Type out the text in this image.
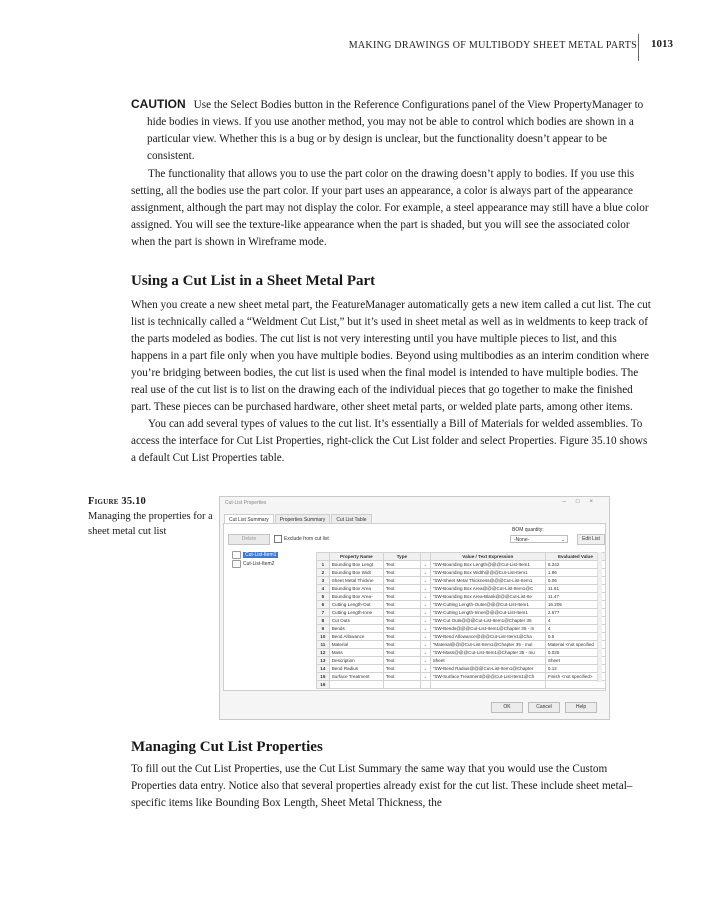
MAKING DRAWINGS OF MULTIBODY SHEET METAL PARTS 1013

CAUTION Use the Select Bodies button in the Reference Configurations panel of the View PropertyManager to hide bodies in views. If you use another method, you may not be able to control which bodies are shown in a particular view. Whether this is a bug or by design is unclear, but the functionality doesn’t appear to be consistent.

The functionality that allows you to use the part color on the drawing doesn’t apply to bodies. If you use this setting, all the bodies use the part color. If your part uses an appearance, a color is always part of the appearance assignment, although the part may not display the color. For example, a steel appearance may still have a blue color assigned. You will see the texture-like appearance when the part is shaded, but you will see the associated color when the part is shown in Wireframe mode.

Using a Cut List in a Sheet Metal Part

When you create a new sheet metal part, the FeatureManager automatically gets a new item called a cut list. The cut list is technically called a “Weldment Cut List,” but it’s used in sheet metal as well as in weldments to keep track of the parts modeled as bodies. The cut list is not very interesting until you have multiple pieces to list, and this happens in a part file only when you have multiple bodies. Beyond using multibodies as an interim condition where you’re bridging between bodies, the cut list is used when the final model is intended to have multiple bodies. The real use of the cut list is to list on the drawing each of the individual pieces that go together to make the finished part. These pieces can be purchased hardware, other sheet metal parts, or welded plate parts, among other items.

You can add several types of values to the cut list. It’s essentially a Bill of Materials for welded assemblies. To access the interface for Cut List Properties, right-click the Cut List folder and select Properties. Figure 35.10 shows a default Cut List Properties table.

Figure 35.10
Managing the properties for a sheet metal cut list
Cut-List Properties	–□×
Cut List Summary	Properties Summary	Cut List Table
Delete	Exclude from cut list
BOM quantity:
-None-	⌄	Edit List
Cut-List-Item1
Cut-List-Item2
	Property Name	Type		Value / Text Expression	Evaluated Value
1	Bounding Box Lengt	Text	⌄	"SW-Bounding Box Length@@@Cut-List-Item1	6.242
2	Bounding Box Widt	Text	⌄	"SW-Bounding Box Width@@@Cut-List-Item1	1.86
3	Sheet Metal Thickne	Text	⌄	"SW-Sheet Metal Thickness@@@Cut-List-Item1	0.06
4	Bounding Box Area	Text	⌄	"SW-Bounding Box Area@@@Cut-List-Item1@C	11.61
5	Bounding Box Area-	Text	⌄	"SW-Bounding Box Area-Blank@@@Cut-List-Ite	11.47
6	Cutting Length-Out	Text	⌄	"SW-Cutting Length-Outer@@@Cut-List-Item1	16.205
7	Cutting Length-Inne	Text	⌄	"SW-Cutting Length-Inner@@@Cut-List-Item1	2.677
8	Cut Outs	Text	⌄	"SW-Cut Outs@@@Cut-List-Item1@Chapter 35	4
9	Bends	Text	⌄	"SW-Bends@@@Cut-List-Item1@Chapter 35 - m	4
10	Bend Allowance	Text	⌄	"SW-Bend Allowance@@@Cut-List-Item1@Cha	0.5
11	Material	Text	⌄	"Material@@@Cut-List-Item1@Chapter 35 - mul	Material <not specified
12	Mass	Text	⌄	"SW-Mass@@@Cut-List-Item1@Chapter 35 - mu	0.025
13	Description	Text	⌄	Sheet	Sheet
14	Bend Radius	Text	⌄	"SW-Bend Radius@@@Cut-List-Item1@Chapter	0.12
15	Surface Treatment	Text	⌄	"SW-Surface Treatment@@@Cut-List-Item1@Ch	Finish <not specified>
16					
OK	Cancel	Help
Managing Cut List Properties

To fill out the Cut List Properties, use the Cut List Summary the same way that you would use the Custom Properties data entry. Notice also that several properties already exist for the cut list. These include sheet metal–specific items like Bounding Box Length, Sheet Metal Thickness, the
